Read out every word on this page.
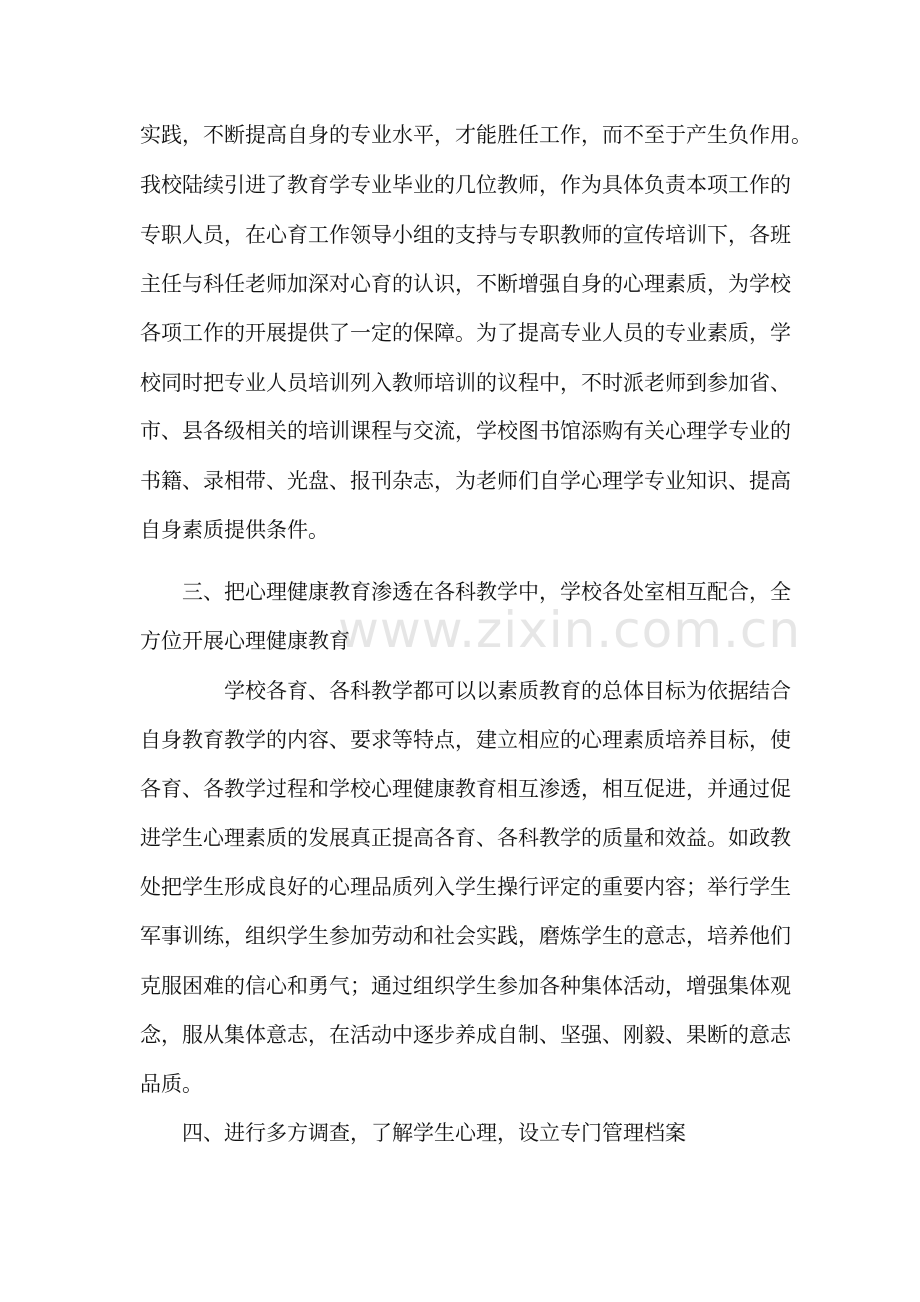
www.zixin.com.cn
实践，不断提高自身的专业水平，才能胜任工作，而不至于产生负作用。
我校陆续引进了教育学专业毕业的几位教师，作为具体负责本项工作的
专职人员，在心育工作领导小组的支持与专职教师的宣传培训下，各班
主任与科任老师加深对心育的认识，不断增强自身的心理素质，为学校
各项工作的开展提供了一定的保障。为了提高专业人员的专业素质，学
校同时把专业人员培训列入教师培训的议程中，不时派老师到参加省、
市、县各级相关的培训课程与交流，学校图书馆添购有关心理学专业的
书籍、录相带、光盘、报刊杂志，为老师们自学心理学专业知识、提高
自身素质提供条件。
三、把心理健康教育渗透在各科教学中，学校各处室相互配合，全
方位开展心理健康教育
学校各育、各科教学都可以以素质教育的总体目标为依据结合
自身教育教学的内容、要求等特点，建立相应的心理素质培养目标，使
各育、各教学过程和学校心理健康教育相互渗透，相互促进，并通过促
进学生心理素质的发展真正提高各育、各科教学的质量和效益。如政教
处把学生形成良好的心理品质列入学生操行评定的重要内容；举行学生
军事训练，组织学生参加劳动和社会实践，磨炼学生的意志，培养他们
克服困难的信心和勇气；通过组织学生参加各种集体活动，增强集体观
念，服从集体意志，在活动中逐步养成自制、坚强、刚毅、果断的意志
品质。
四、进行多方调查，了解学生心理，设立专门管理档案
